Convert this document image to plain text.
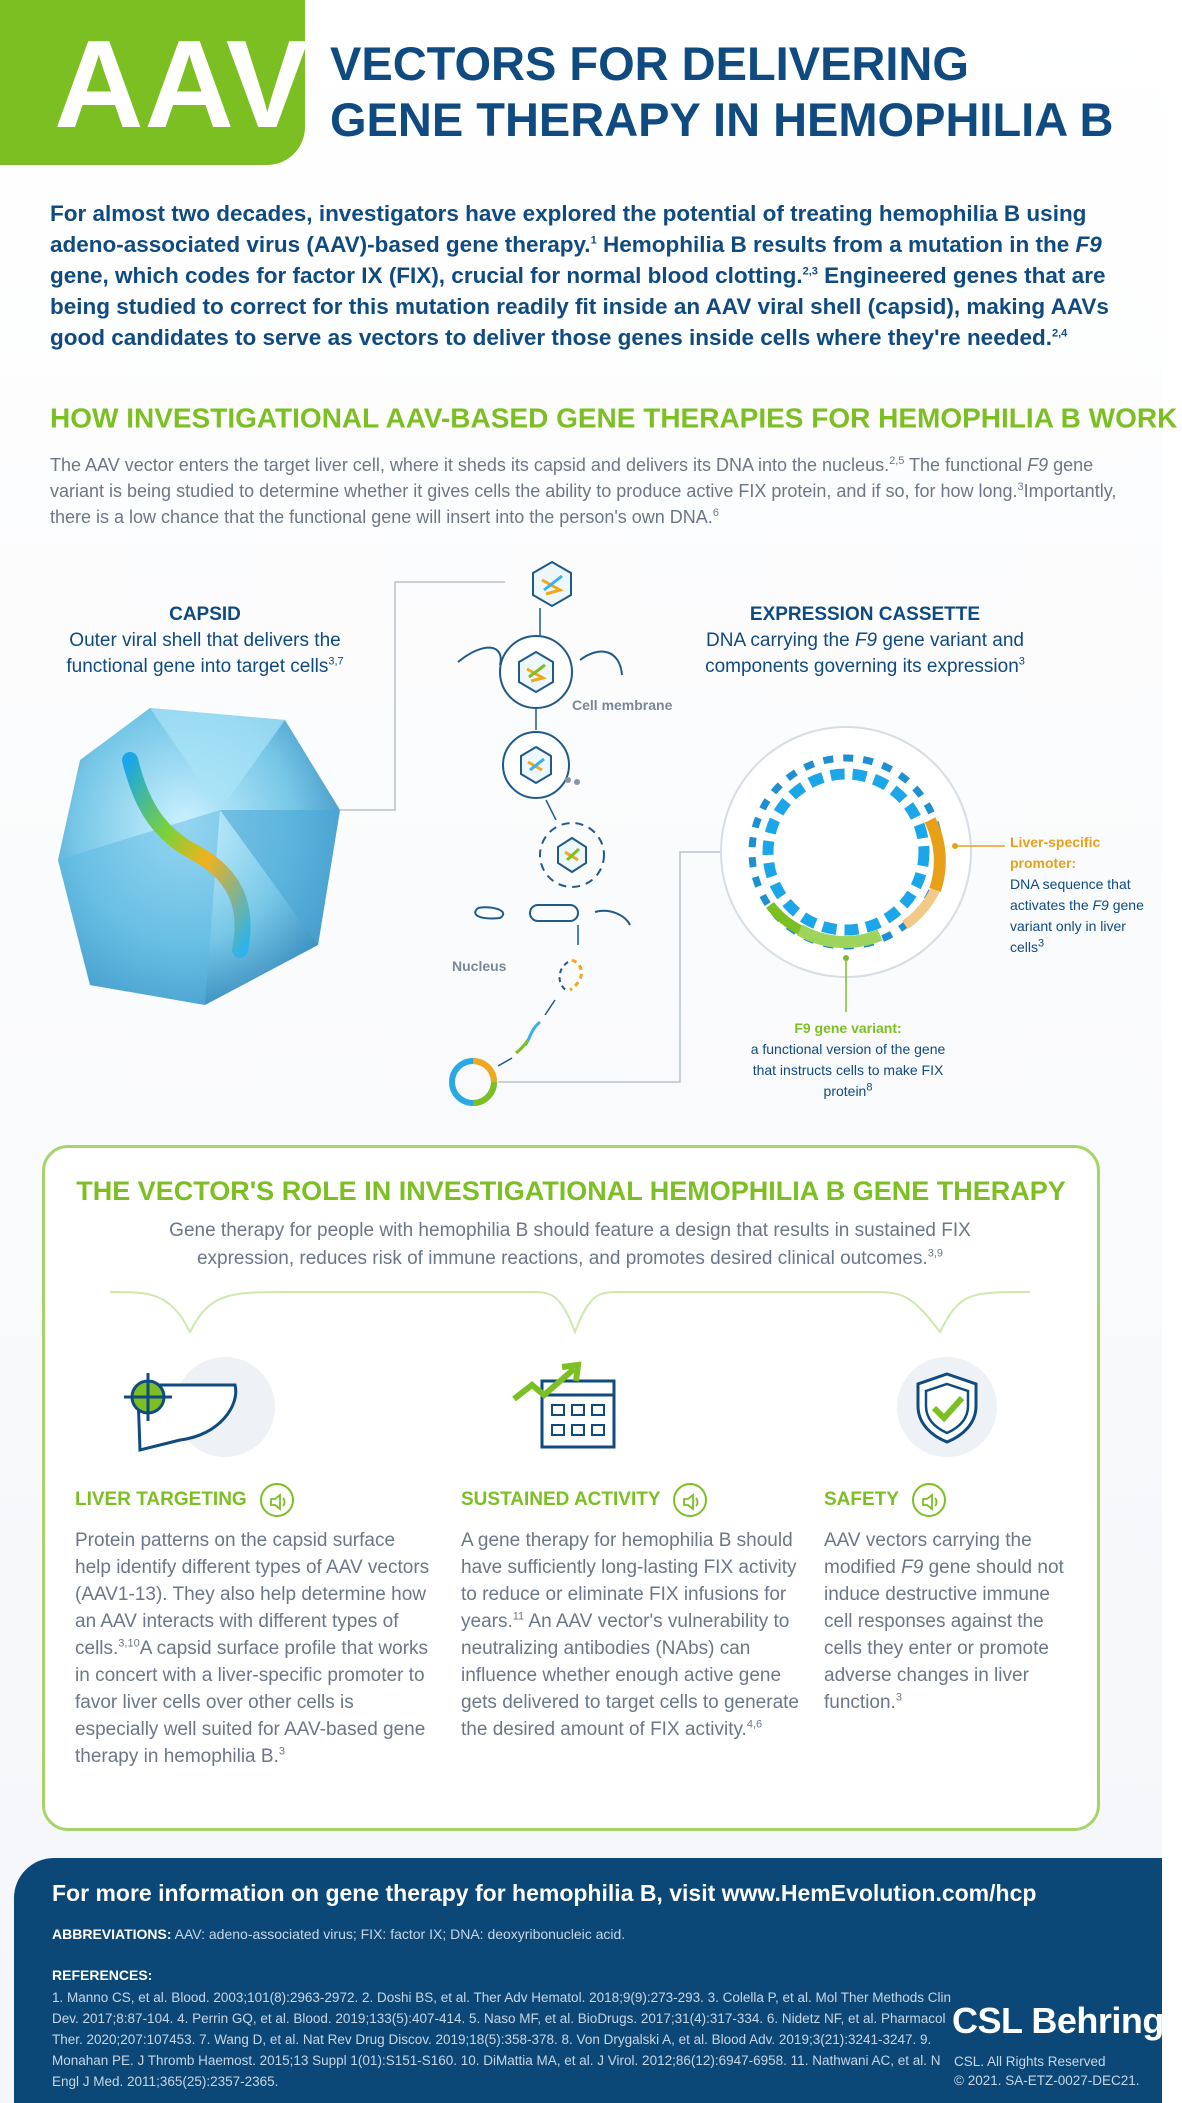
AAV VECTORS FOR DELIVERING
GENE THERAPY IN HEMOPHILIA B
For almost two decades, investigators have explored the potential of treating hemophilia B using adeno-associated virus (AAV)-based gene therapy.$^1$ Hemophilia B results from a mutation in the F9 gene, which codes for factor IX (FIX), crucial for normal blood clotting.$^{2,3}$ Engineered genes that are being studied to correct for this mutation readily fit inside an AAV viral shell (capsid), making AAVs good candidates to serve as vectors to deliver those genes inside cells where they're needed.$^{2,4}$
HOW INVESTIGATIONAL AAV-BASED GENE THERAPIES FOR HEMOPHILIA B WORK
The AAV vector enters the target liver cell, where it sheds its capsid and delivers its DNA into the nucleus.$^{2,5}$ The functional F9 gene variant is being studied to determine whether it gives cells the ability to produce active FIX protein, and if so, for how long.$^3$Importantly, there is a low chance that the functional gene will insert into the person's own DNA.$^6$
CAPSID
Outer viral shell that delivers the functional gene into target cells$^{3,7}$
EXPRESSION CASSETTE
DNA carrying the F9 gene variant and components governing its expression$^3$
Cell membrane
Nucleus
Liver-specific promoter:
DNA sequence that activates the F9 gene variant only in liver cells$^3$
F9 gene variant:
a functional version of the gene that instructs cells to make FIX protein$^8$
THE VECTOR'S ROLE IN INVESTIGATIONAL HEMOPHILIA B GENE THERAPY
Gene therapy for people with hemophilia B should feature a design that results in sustained FIX expression, reduces risk of immune reactions, and promotes desired clinical outcomes.$^{3,9}$
LIVER TARGETING
Protein patterns on the capsid surface help identify different types of AAV vectors (AAV1-13). They also help determine how an AAV interacts with different types of cells.$^{3,10}$A capsid surface profile that works in concert with a liver-specific promoter to favor liver cells over other cells is especially well suited for AAV-based gene therapy in hemophilia B.$^3$
SUSTAINED ACTIVITY
A gene therapy for hemophilia B should have sufficiently long-lasting FIX activity to reduce or eliminate FIX infusions for years.$^{11}$ An AAV vector's vulnerability to neutralizing antibodies (NAbs) can influence whether enough active gene gets delivered to target cells to generate the desired amount of FIX activity.$^{4,6}$
SAFETY
AAV vectors carrying the modified F9 gene should not induce destructive immune cell responses against the cells they enter or promote adverse changes in liver function.$^3$
For more information on gene therapy for hemophilia B, visit www.HemEvolution.com/hcp
ABBREVIATIONS: AAV: adeno-associated virus; FIX: factor IX; DNA: deoxyribonucleic acid.
REFERENCES:
1. Manno CS, et al. Blood. 2003;101(8):2963-2972. 2. Doshi BS, et al. Ther Adv Hematol. 2018;9(9):273-293. 3. Colella P, et al. Mol Ther Methods Clin Dev. 2017;8:87-104. 4. Perrin GQ, et al. Blood. 2019;133(5):407-414. 5. Naso MF, et al. BioDrugs. 2017;31(4):317-334. 6. Nidetz NF, et al. Pharmacol Ther. 2020;207:107453. 7. Wang D, et al. Nat Rev Drug Discov. 2019;18(5):358-378. 8. Von Drygalski A, et al. Blood Adv. 2019;3(21):3241-3247. 9. Monahan PE. J Thromb Haemost. 2015;13 Suppl 1(01):S151-S160. 10. DiMattia MA, et al. J Virol. 2012;86(12):6947-6958. 11. Nathwani AC, et al. N Engl J Med. 2011;365(25):2357-2365.
CSL Behring
CSL. All Rights Reserved
© 2021. SA-ETZ-0027-DEC21.
